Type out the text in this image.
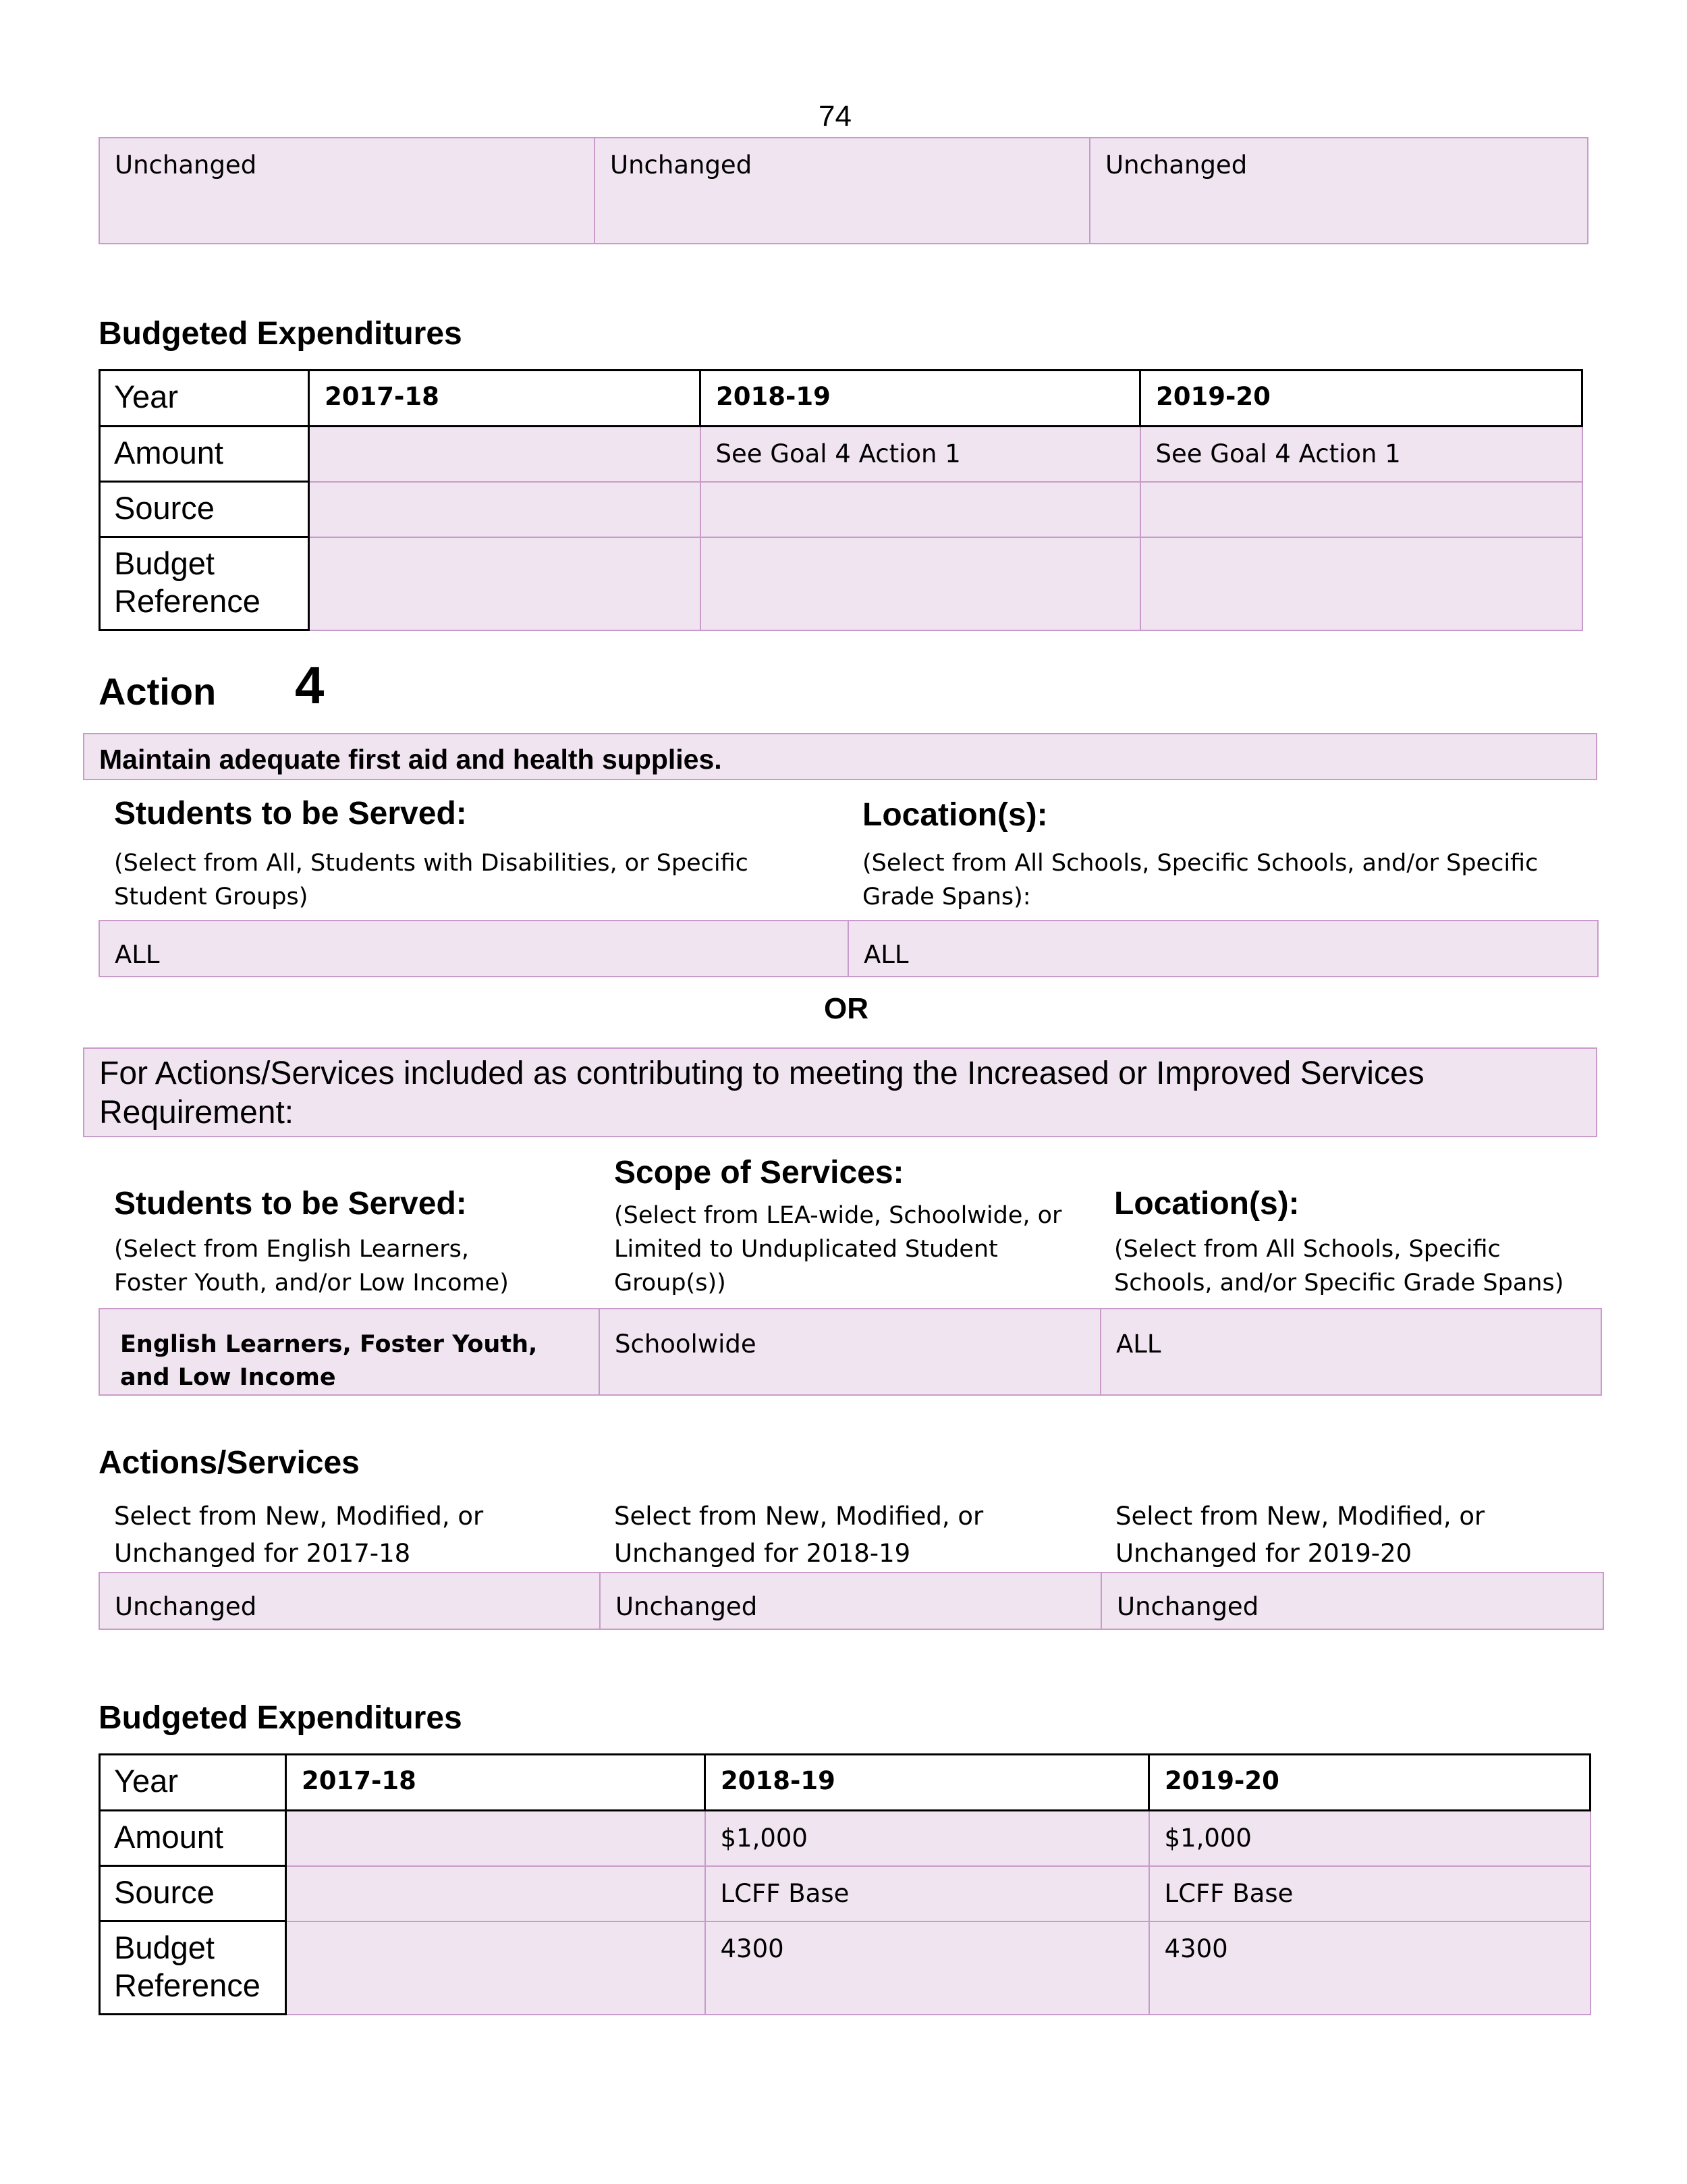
74
Unchanged	Unchanged	Unchanged
Budgeted Expenditures
Year	2017-18	2018-19	2019-20
Amount		See Goal 4 Action 1	See Goal 4 Action 1
Source			
Budget Reference			
Action 4
Maintain adequate first aid and health supplies.
Students to be Served:
(Select from All, Students with Disabilities, or Specific Student Groups)
Location(s):
(Select from All Schools, Specific Schools, and/or Specific Grade Spans):
ALL	ALL
OR
For Actions/Services included as contributing to meeting the Increased or Improved Services Requirement:
Students to be Served:
(Select from English Learners, Foster Youth, and/or Low Income)
Scope of Services:
(Select from LEA-wide, Schoolwide, or Limited to Unduplicated Student Group(s))
Location(s):
(Select from All Schools, Specific Schools, and/or Specific Grade Spans)
English Learners, Foster Youth, and Low Income	Schoolwide	ALL
Actions/Services
Select from New, Modified, or Unchanged for 2017-18
Select from New, Modified, or Unchanged for 2018-19
Select from New, Modified, or Unchanged for 2019-20
Unchanged	Unchanged	Unchanged
Budgeted Expenditures
Year	2017-18	2018-19	2019-20
Amount		$1,000	$1,000
Source		LCFF Base	LCFF Base
Budget Reference		4300	4300
